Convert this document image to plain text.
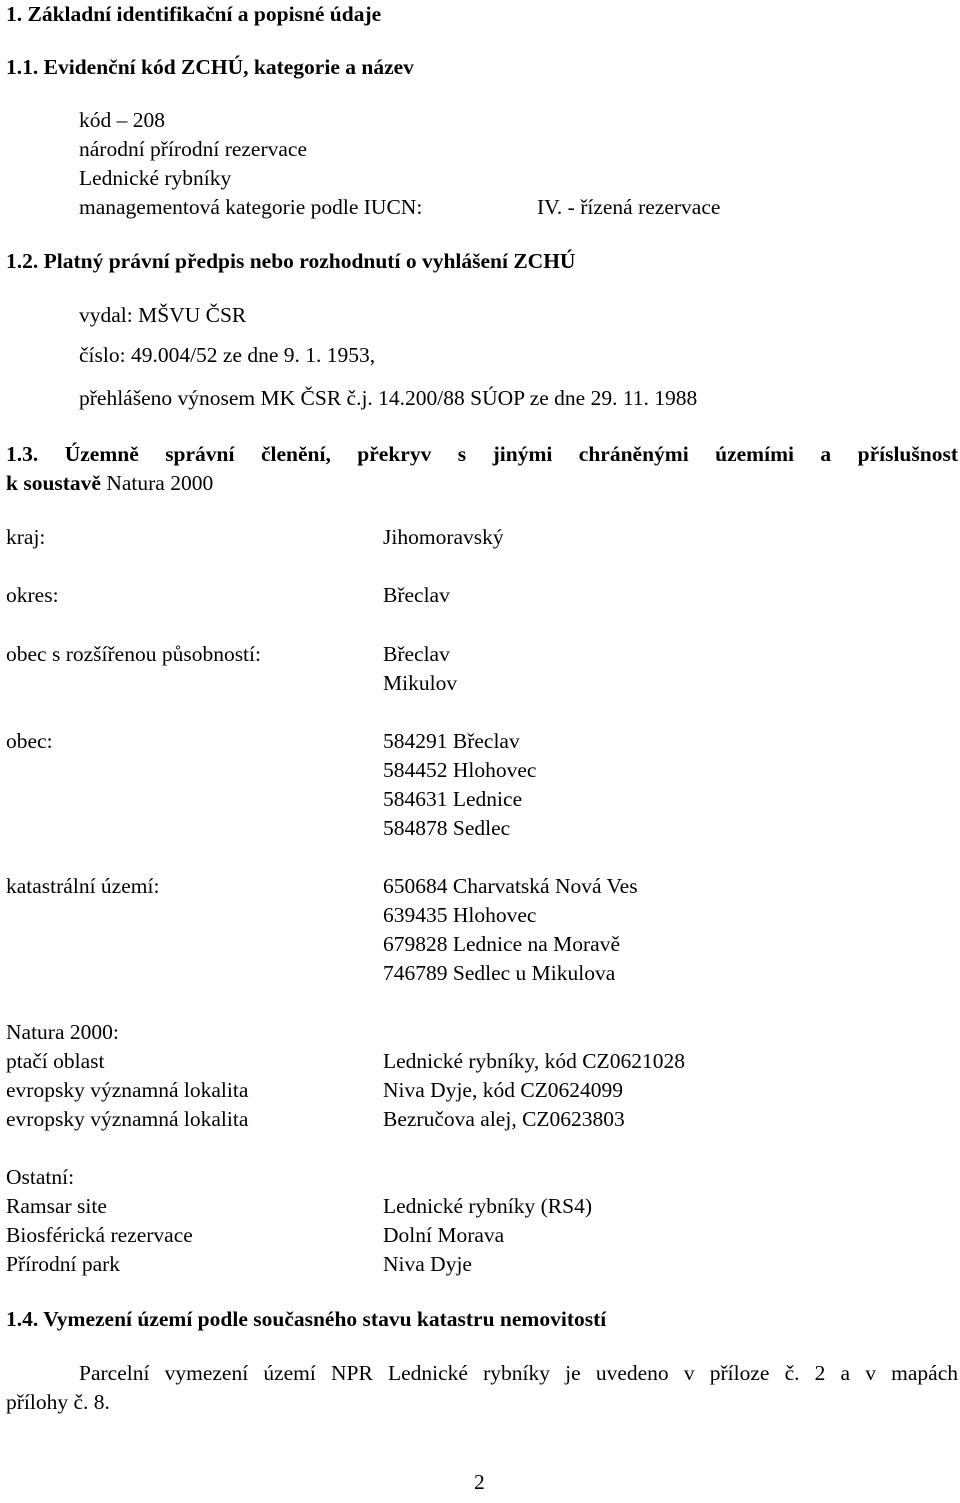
1. Základní identifikační a popisné údaje
1.1. Evidenční kód ZCHÚ, kategorie a název
kód – 208
národní přírodní rezervace
Lednické rybníky
managementová kategorie podle IUCN:	IV. - řízená rezervace
1.2. Platný právní předpis nebo rozhodnutí o vyhlášení ZCHÚ
vydal: MŠVU ČSR
číslo: 49.004/52 ze dne 9. 1. 1953,
přehlášeno výnosem MK ČSR č.j. 14.200/88 SÚOP ze dne 29. 11. 1988
1.3. Územně správní členění, překryv s jinými chráněnými územími a příslušnost
k soustavě Natura 2000
kraj:	Jihomoravský
okres:	Břeclav
obec s rozšířenou působností:	Břeclav
Mikulov
obec:	584291 Břeclav
584452 Hlohovec
584631 Lednice
584878 Sedlec
katastrální území:	650684 Charvatská Nová Ves
639435 Hlohovec
679828 Lednice na Moravě
746789 Sedlec u Mikulova
Natura 2000:
ptačí oblast	Lednické rybníky, kód CZ0621028
evropsky významná lokalita	Niva Dyje, kód CZ0624099
evropsky významná lokalita	Bezručova alej, CZ0623803
Ostatní:
Ramsar site	Lednické rybníky (RS4)
Biosférická rezervace	Dolní Morava
Přírodní park	Niva Dyje
1.4. Vymezení území podle současného stavu katastru nemovitostí
Parcelní vymezení území NPR Lednické rybníky je uvedeno v příloze č. 2 a v mapách
přílohy č. 8.
2
